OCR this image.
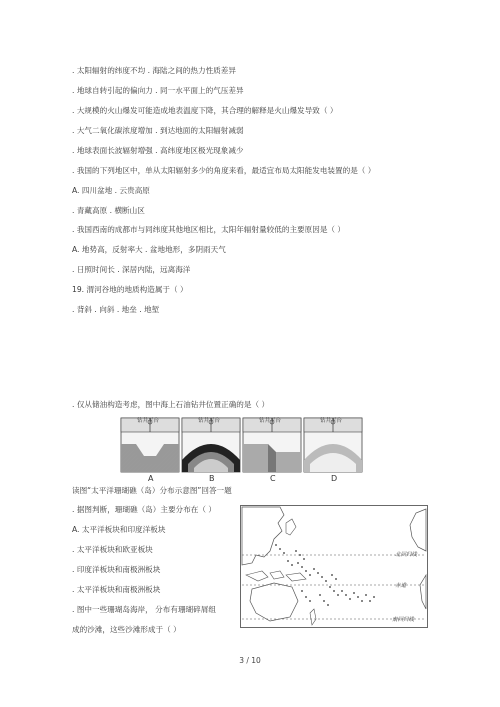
. 太阳辐射的纬度不均 . 海陆之间的热力性质差异
. 地球自转引起的偏向力 . 同一水平面上的气压差异
. 大规模的火山爆发可能造成地表温度下降，其合理的解释是火山爆发导致（ ）
. 大气二氧化碳浓度增加 . 到达地面的太阳辐射减弱
. 地球表面长波辐射增强 . 高纬度地区极光现象减少
. 我国的下列地区中，单从太阳辐射多少的角度来看，最适宜布局太阳能发电装置的是（ ）
A. 四川盆地 . 云贵高原
. 青藏高原 . 横断山区
. 我国西南的成都市与同纬度其他地区相比，太阳年辐射量较低的主要原因是（ ）
A. 地势高，反射率大 . 盆地地形，多阴雨天气
. 日照时间长 . 深居内陆，远离海洋
19. 渭河谷地的地质构造属于（ ）
. 背斜 . 向斜 . 地垒 . 地堑
. 仅从储油构造考虑，图中海上石油钻井位置正确的是（ ）
钻井平台	钻井平台	钻井平台	钻井平台
A	B	C	D
读图“太平洋珊瑚礁（岛）分布示意图”回答一题
. 据图判断，珊瑚礁（岛）主要分布在（ ）
A. 太平洋板块和印度洋板块
. 太平洋板块和欧亚板块
. 印度洋板块和南极洲板块
. 太平洋板块和南极洲板块
. 图中一些珊瑚岛海岸， 分布有珊瑚碎屑组
成的沙滩，这些沙滩形成于（ ）
北回归线
赤道
南回归线
3 / 10
